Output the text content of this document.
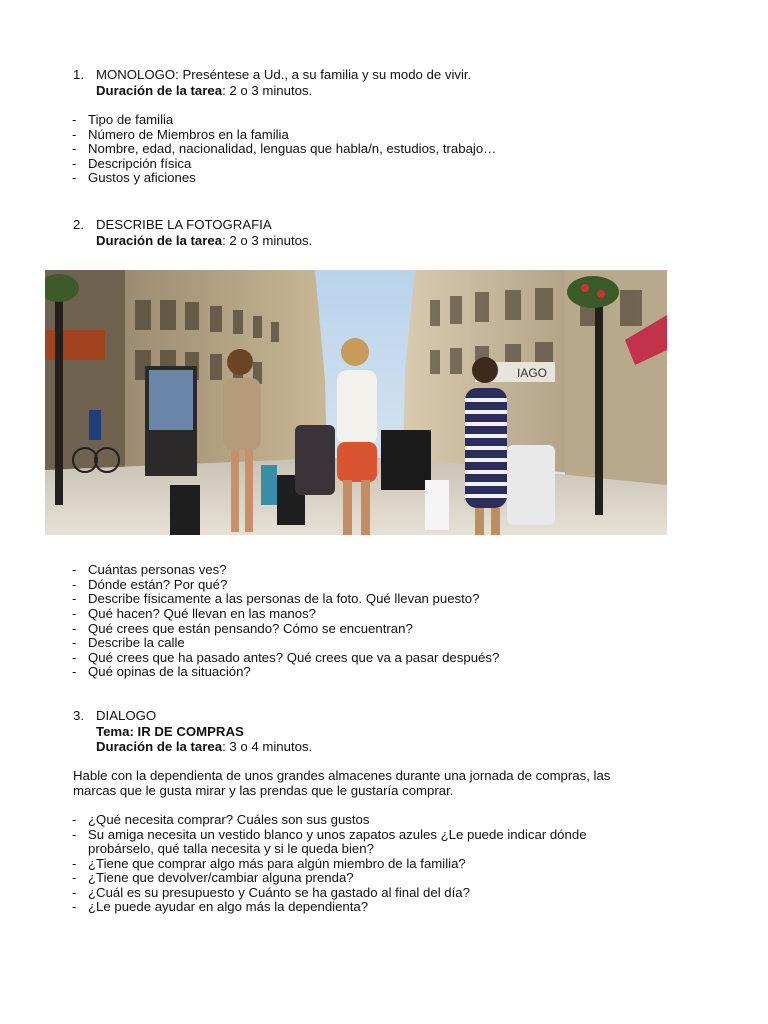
1. MONOLOGO: Preséntese a Ud., a su familia y su modo de vivir.
Duración de la tarea: 2 o 3 minutos.
- Tipo de familia
- Número de Miembros en la familia
- Nombre, edad, nacionalidad, lenguas que habla/n, estudios, trabajo…
- Descripción física
- Gustos y aficiones
2. DESCRIBE LA FOTOGRAFIA
Duración de la tarea: 2 o 3 minutos.
IAGO
- Cuántas personas ves?
- Dónde están? Por qué?
- Describe físicamente a las personas de la foto. Qué llevan puesto?
- Qué hacen? Qué llevan en las manos?
- Qué crees que están pensando? Cómo se encuentran?
- Describe la calle
- Qué crees que ha pasado antes? Qué crees que va a pasar después?
- Qué opinas de la situación?
3. DIALOGO
Tema: IR DE COMPRAS
Duración de la tarea: 3 o 4 minutos.
Hable con la dependienta de unos grandes almacenes durante una jornada de compras, las
marcas que le gusta mirar y las prendas que le gustaría comprar.
- ¿Qué necesita comprar? Cuáles son sus gustos
- Su amiga necesita un vestido blanco y unos zapatos azules ¿Le puede indicar dónde
probárselo, qué talla necesita y si le queda bien?
- ¿Tiene que comprar algo más para algún miembro de la familia?
- ¿Tiene que devolver/cambiar alguna prenda?
- ¿Cuál es su presupuesto y Cuánto se ha gastado al final del día?
- ¿Le puede ayudar en algo más la dependienta?
